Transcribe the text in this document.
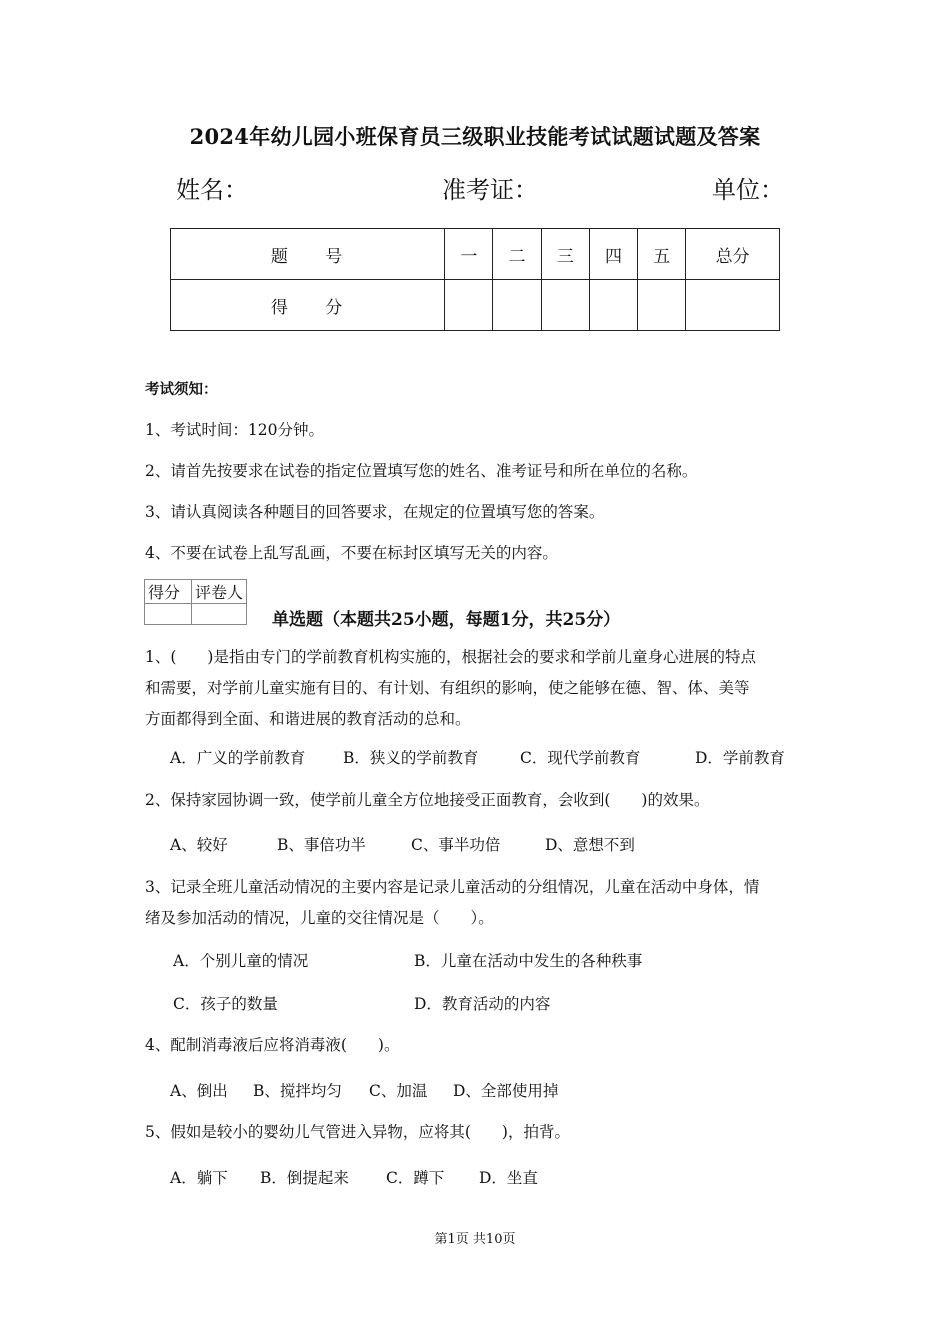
2024年幼儿园小班保育员三级职业技能考试试题试题及答案
姓名：	准考证：	单位：
题 号	一	二	三	四	五	总分
得 分						
考试须知：
1、考试时间：120分钟。
2、请首先按要求在试卷的指定位置填写您的姓名、准考证号和所在单位的名称。
3、请认真阅读各种题目的回答要求，在规定的位置填写您的答案。
4、不要在试卷上乱写乱画，不要在标封区填写无关的内容。
得分	评卷人

单选题（本题共25小题，每题1分，共25分）
1、(　　)是指由专门的学前教育机构实施的，根据社会的要求和学前儿童身心进展的特点
和需要，对学前儿童实施有目的、有计划、有组织的影响，使之能够在德、智、体、美等
方面都得到全面、和谐进展的教育活动的总和。
A．广义的学前教育 B．狭义的学前教育	C．现代学前教育	D．学前教育
2、保持家园协调一致，使学前儿童全方位地接受正面教育，会收到(　　)的效果。
A、较好	B、事倍功半	C、事半功倍	D、意想不到
3、记录全班儿童活动情况的主要内容是记录儿童活动的分组情况，儿童在活动中身体，情
绪及参加活动的情况，儿童的交往情况是（　　）。
A．个别儿童的情况	B．儿童在活动中发生的各种秩事
C．孩子的数量	D．教育活动的内容
4、配制消毒液后应将消毒液(　　)。
A、倒出 B、搅拌均匀 C、加温 D、全部使用掉
5、假如是较小的婴幼儿气管进入异物，应将其(　　)，拍背。
A．躺下 B．倒提起来 C．蹲下 D．坐直
第1页 共10页
